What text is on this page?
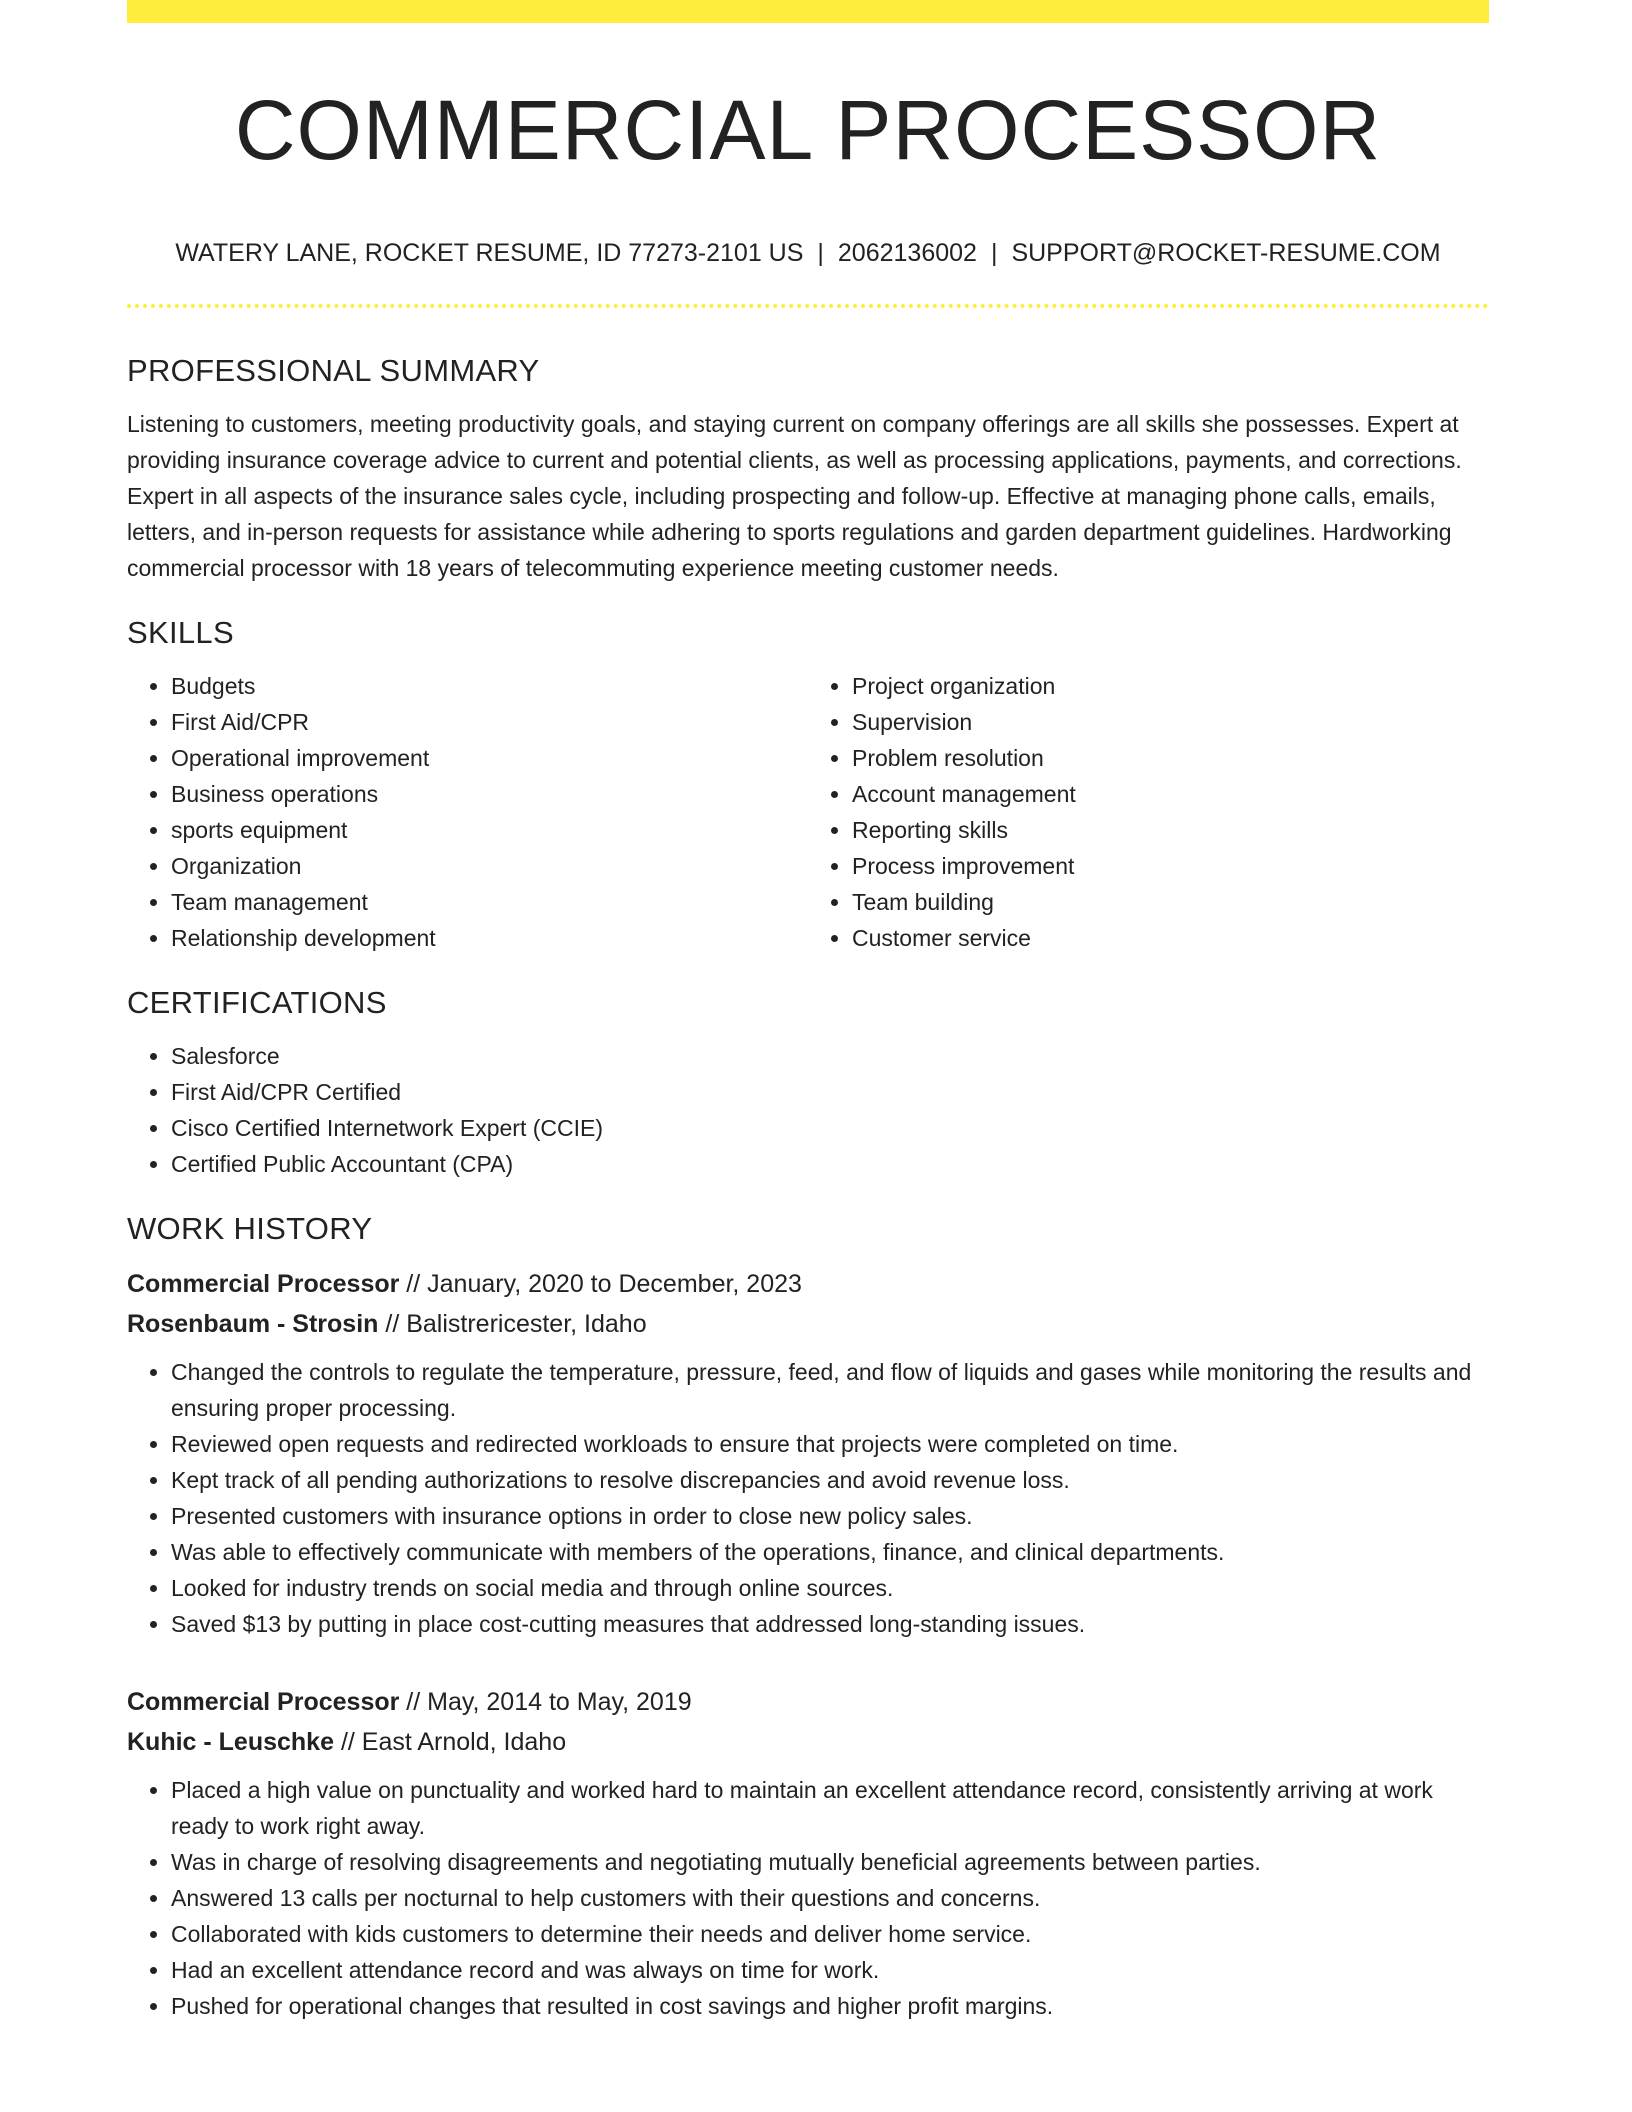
COMMERCIAL PROCESSOR
WATERY LANE, ROCKET RESUME, ID 77273-2101 US | 2062136002 | SUPPORT@ROCKET-RESUME.COM
PROFESSIONAL SUMMARY

Listening to customers, meeting productivity goals, and staying current on company offerings are all skills she possesses. Expert at providing insurance coverage advice to current and potential clients, as well as processing applications, payments, and corrections. Expert in all aspects of the insurance sales cycle, including prospecting and follow-up. Effective at managing phone calls, emails, letters, and in-person requests for assistance while adhering to sports regulations and garden department guidelines. Hardworking commercial processor with 18 years of telecommuting experience meeting customer needs.

SKILLS
• Budgets
• First Aid/CPR
• Operational improvement
• Business operations
• sports equipment
• Organization
• Team management
• Relationship development
• Project organization
• Supervision
• Problem resolution
• Account management
• Reporting skills
• Process improvement
• Team building
• Customer service
CERTIFICATIONS
• Salesforce
• First Aid/CPR Certified
• Cisco Certified Internetwork Expert (CCIE)
• Certified Public Accountant (CPA)
WORK HISTORY
Commercial Processor // January, 2020 to December, 2023
Rosenbaum - Strosin // Balistrericester, Idaho
• Changed the controls to regulate the temperature, pressure, feed, and flow of liquids and gases while monitoring the results and ensuring proper processing.
• Reviewed open requests and redirected workloads to ensure that projects were completed on time.
• Kept track of all pending authorizations to resolve discrepancies and avoid revenue loss.
• Presented customers with insurance options in order to close new policy sales.
• Was able to effectively communicate with members of the operations, finance, and clinical departments.
• Looked for industry trends on social media and through online sources.
• Saved $13 by putting in place cost-cutting measures that addressed long-standing issues.
Commercial Processor // May, 2014 to May, 2019
Kuhic - Leuschke // East Arnold, Idaho
• Placed a high value on punctuality and worked hard to maintain an excellent attendance record, consistently arriving at work ready to work right away.
• Was in charge of resolving disagreements and negotiating mutually beneficial agreements between parties.
• Answered 13 calls per nocturnal to help customers with their questions and concerns.
• Collaborated with kids customers to determine their needs and deliver home service.
• Had an excellent attendance record and was always on time for work.
• Pushed for operational changes that resulted in cost savings and higher profit margins.
